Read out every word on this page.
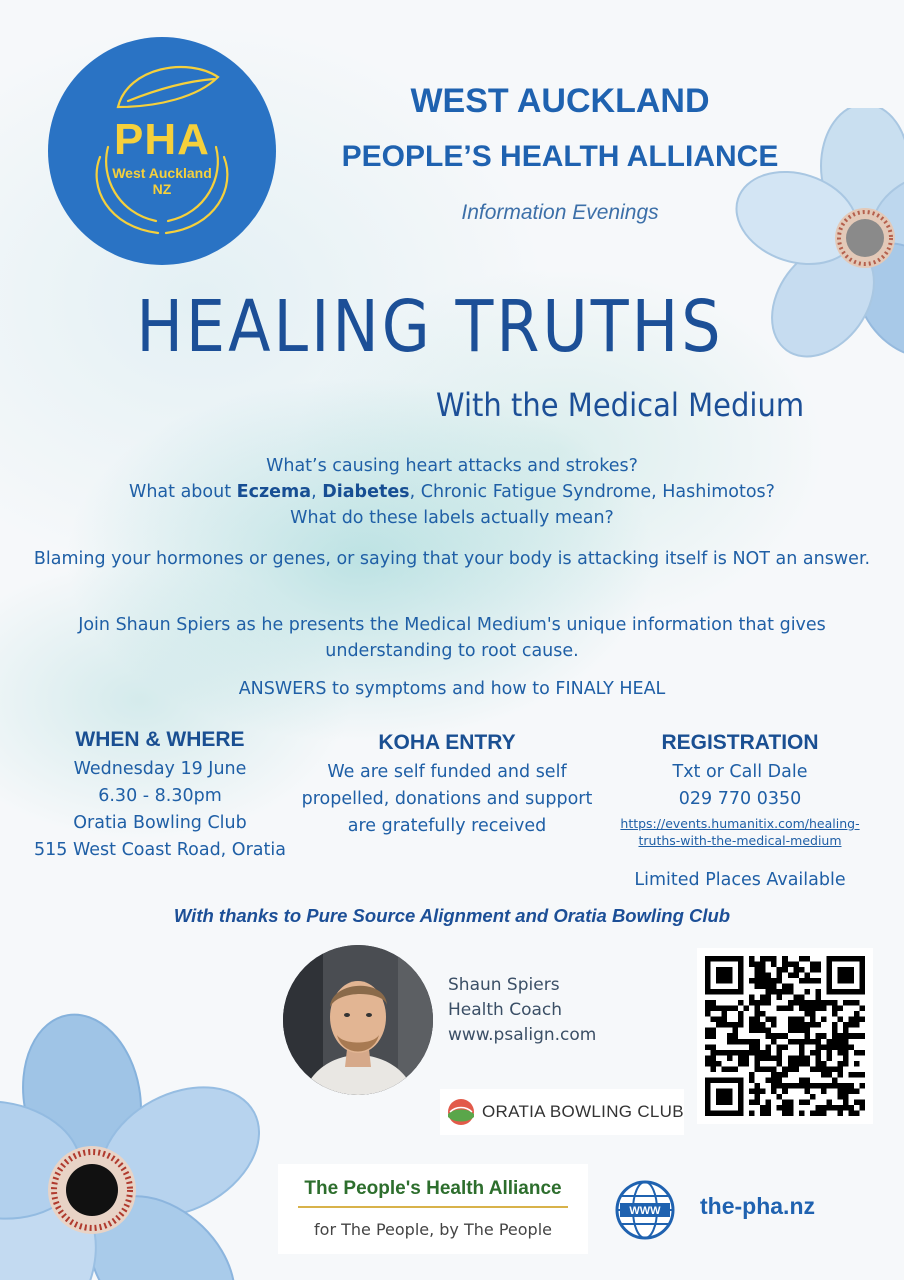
PHA
West Auckland
NZ
WEST AUCKLAND
PEOPLE’S HEALTH ALLIANCE
Information Evenings
HEALING TRUTHS
With the Medical Medium
What’s causing heart attacks and strokes?
What about Eczema, Diabetes, Chronic Fatigue Syndrome, Hashimotos?
What do these labels actually mean?
Blaming your hormones or genes, or saying that your body is attacking itself is NOT an answer.
Join Shaun Spiers as he presents the Medical Medium's unique information that gives understanding to root cause.
ANSWERS to symptoms and how to FINALY HEAL
WHEN & WHERE
Wednesday 19 June
6.30 - 8.30pm
Oratia Bowling Club
515 West Coast Road, Oratia
KOHA ENTRY
We are self funded and self propelled, donations and support are gratefully received
REGISTRATION
Txt or Call Dale
029 770 0350
https://events.humanitix.com/healing-truths-with-the-medical-medium
Limited Places Available
With thanks to Pure Source Alignment and Oratia Bowling Club
Shaun Spiers
Health Coach
www.psalign.com
ORATIA BOWLING CLUB
The People's Health Alliance
for The People, by The People
WWW the-pha.nz
